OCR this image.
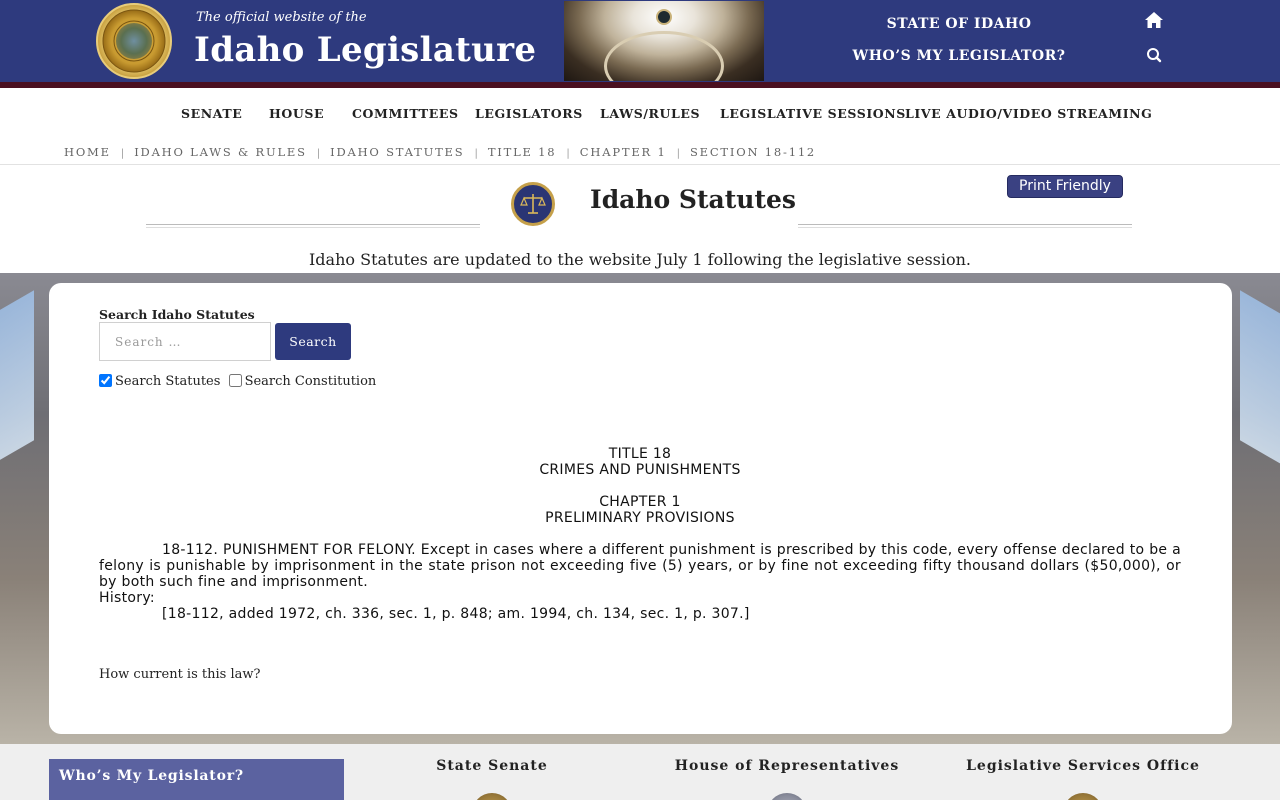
The official website of the
Idaho Legislature
STATE OF IDAHO
WHO’S MY LEGISLATOR?
SENATE HOUSE COMMITTEES LEGISLATORS LAWS/RULES LEGISLATIVE SESSIONS LIVE AUDIO/VIDEO STREAMING
HOME | IDAHO LAWS & RULES | IDAHO STATUTES | TITLE 18 | CHAPTER 1 | SECTION 18-112
Idaho Statutes	Print Friendly
Idaho Statutes are updated to the website July 1 following the legislative session.
Search Idaho Statutes
Search …
Search
Search Statutes Search Constitution
TITLE 18
CRIMES AND PUNISHMENTS
CHAPTER 1
PRELIMINARY PROVISIONS
18-112. PUNISHMENT FOR FELONY. Except in cases where a different punishment is prescribed by this code, every offense declared to be a felony is punishable by imprisonment in the state prison not exceeding five (5) years, or by fine not exceeding fifty thousand dollars ($50,000), or by both such fine and imprisonment.
History:
[18-112, added 1972, ch. 336, sec. 1, p. 848; am. 1994, ch. 134, sec. 1, p. 307.]
How current is this law?
Who’s My Legislator?
State Senate	House of Representatives	Legislative Services Office
